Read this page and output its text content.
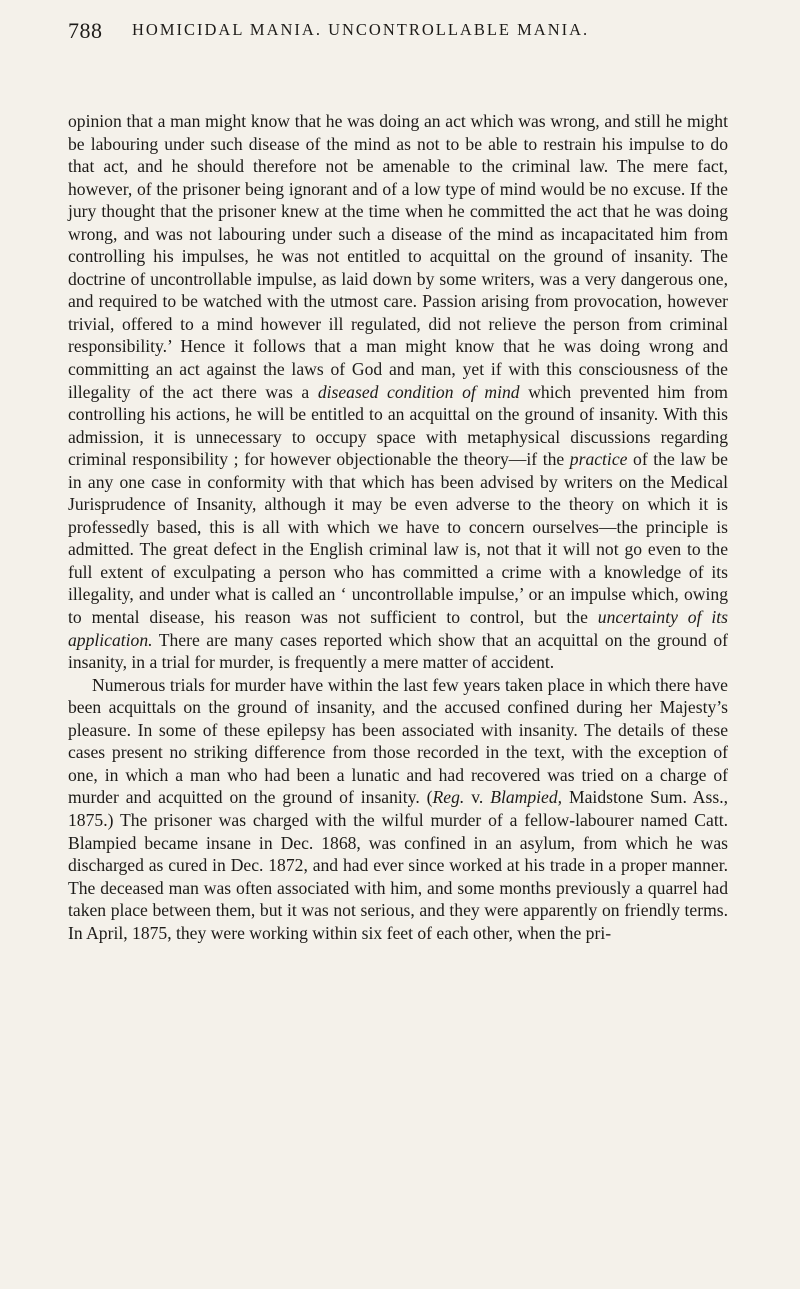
788 HOMICIDAL MANIA. UNCONTROLLABLE MANIA.

opinion that a man might know that he was doing an act which was wrong, and still he might be labouring under such disease of the mind as not to be able to restrain his impulse to do that act, and he should therefore not be amenable to the criminal law. The mere fact, however, of the prisoner being ignorant and of a low type of mind would be no excuse. If the jury thought that the prisoner knew at the time when he committed the act that he was doing wrong, and was not labouring under such a disease of the mind as incapacitated him from controlling his impulses, he was not entitled to acquittal on the ground of insanity. The doctrine of uncontrollable impulse, as laid down by some writers, was a very dangerous one, and required to be watched with the utmost care. Passion arising from provocation, however trivial, offered to a mind however ill regulated, did not relieve the person from criminal responsibility.’ Hence it follows that a man might know that he was doing wrong and committing an act against the laws of God and man, yet if with this consciousness of the illegality of the act there was a diseased condition of mind which prevented him from controlling his actions, he will be entitled to an acquittal on the ground of insanity. With this admission, it is unnecessary to occupy space with metaphysical discussions regarding criminal responsibility ; for however objectionable the theory—if the practice of the law be in any one case in conformity with that which has been advised by writers on the Medical Jurisprudence of Insanity, although it may be even adverse to the theory on which it is professedly based, this is all with which we have to concern ourselves—the principle is admitted. The great defect in the English criminal law is, not that it will not go even to the full extent of exculpating a person who has committed a crime with a knowledge of its illegality, and under what is called an ‘ uncontrollable impulse,’ or an impulse which, owing to mental disease, his reason was not sufficient to control, but the uncertainty of its application. There are many cases reported which show that an acquittal on the ground of insanity, in a trial for murder, is frequently a mere matter of accident.

Numerous trials for murder have within the last few years taken place in which there have been acquittals on the ground of insanity, and the accused confined during her Majesty’s pleasure. In some of these epilepsy has been associated with insanity. The details of these cases present no striking difference from those recorded in the text, with the exception of one, in which a man who had been a lunatic and had recovered was tried on a charge of murder and acquitted on the ground of insanity. (Reg. v. Blampied, Maidstone Sum. Ass., 1875.) The prisoner was charged with the wilful murder of a fellow-labourer named Catt. Blampied became insane in Dec. 1868, was confined in an asylum, from which he was discharged as cured in Dec. 1872, and had ever since worked at his trade in a proper manner. The deceased man was often associated with him, and some months previously a quarrel had taken place between them, but it was not serious, and they were apparently on friendly terms. In April, 1875, they were working within six feet of each other, when the pri-
